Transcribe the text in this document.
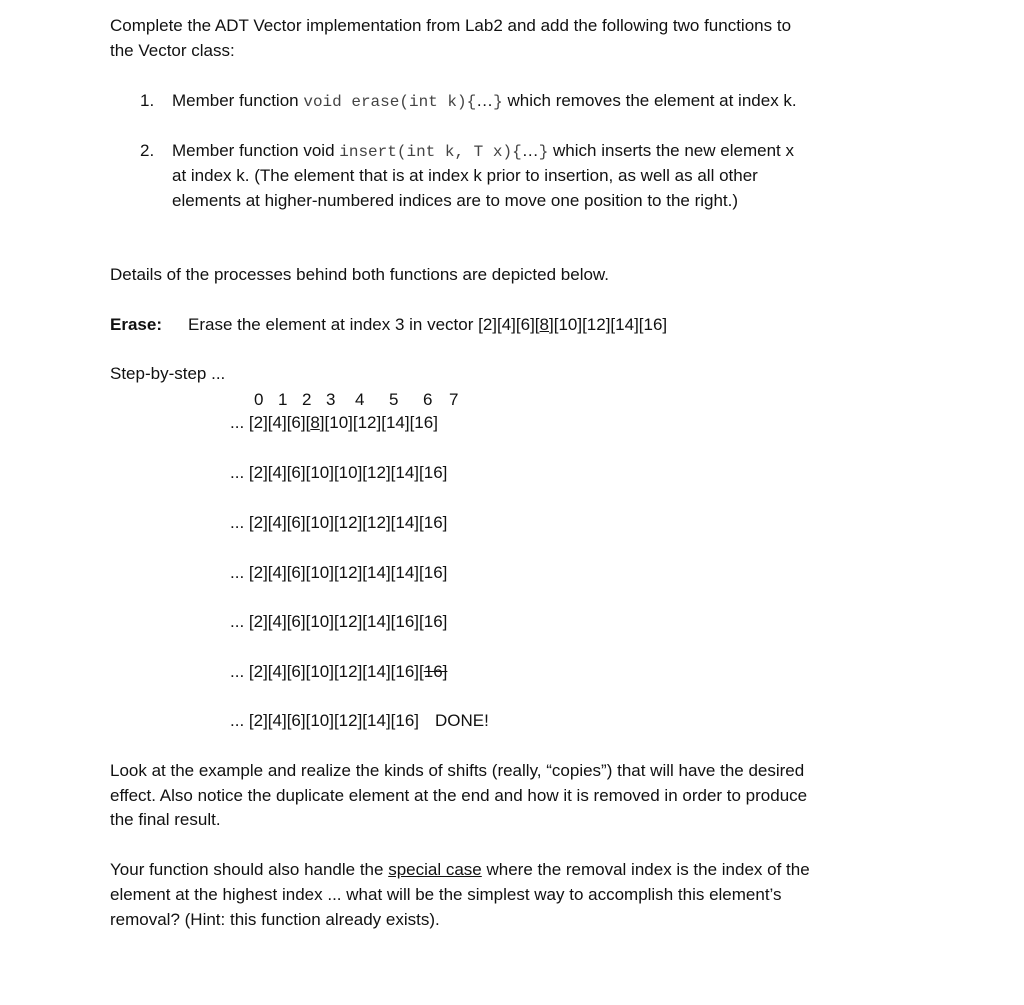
Complete the ADT Vector implementation from Lab2 and add the following two functions to
the Vector class:
1. Member function void erase(int k){…} which removes the element at index k.
2. Member function void insert(int k, T x){…} which inserts the new element x
at index k. (The element that is at index k prior to insertion, as well as all other
elements at higher-numbered indices are to move one position to the right.)
Details of the processes behind both functions are depicted below.
Erase: Erase the element at index 3 in vector [2][4][6][8][10][12][14][16]
Step-by-step ...
0 1 2 3 4 5 6 7
... [2][4][6][8][10][12][14][16]
... [2][4][6][10][10][12][14][16]
... [2][4][6][10][12][12][14][16]
... [2][4][6][10][12][14][14][16]
... [2][4][6][10][12][14][16][16]
... [2][4][6][10][12][14][16][16]
... [2][4][6][10][12][14][16] DONE!
Look at the example and realize the kinds of shifts (really, “copies”) that will have the desired
effect. Also notice the duplicate element at the end and how it is removed in order to produce
the final result.
Your function should also handle the special case where the removal index is the index of the
element at the highest index ... what will be the simplest way to accomplish this element’s
removal? (Hint: this function already exists).
